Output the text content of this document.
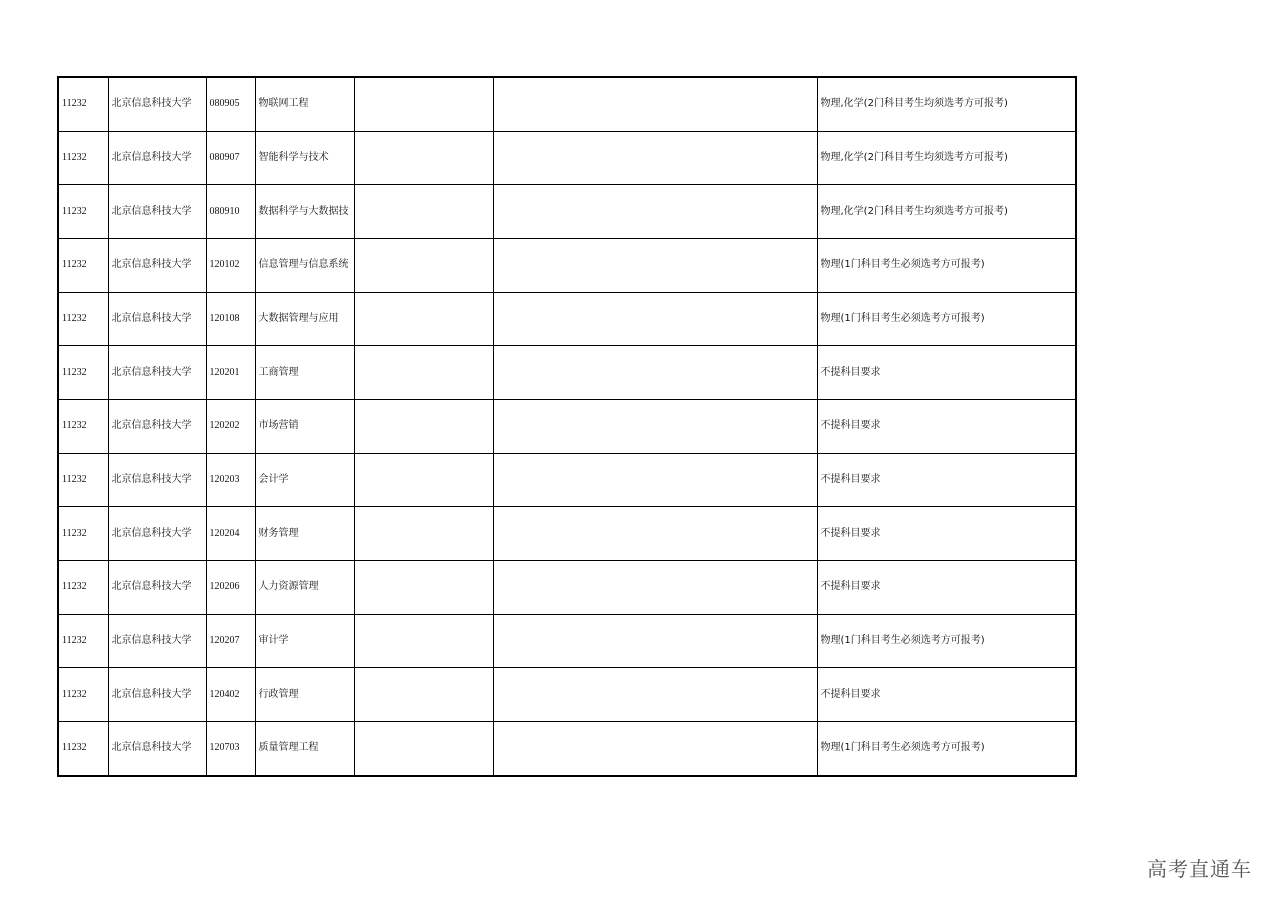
11232	北京信息科技大学	080905	物联网工程			物理,化学(2门科目考生均须选考方可报考)
11232	北京信息科技大学	080907	智能科学与技术			物理,化学(2门科目考生均须选考方可报考)
11232	北京信息科技大学	080910	数据科学与大数据技			物理,化学(2门科目考生均须选考方可报考)
11232	北京信息科技大学	120102	信息管理与信息系统			物理(1门科目考生必须选考方可报考)
11232	北京信息科技大学	120108	大数据管理与应用			物理(1门科目考生必须选考方可报考)
11232	北京信息科技大学	120201	工商管理			不提科目要求
11232	北京信息科技大学	120202	市场营销			不提科目要求
11232	北京信息科技大学	120203	会计学			不提科目要求
11232	北京信息科技大学	120204	财务管理			不提科目要求
11232	北京信息科技大学	120206	人力资源管理			不提科目要求
11232	北京信息科技大学	120207	审计学			物理(1门科目考生必须选考方可报考)
11232	北京信息科技大学	120402	行政管理			不提科目要求
11232	北京信息科技大学	120703	质量管理工程			物理(1门科目考生必须选考方可报考)
高考直通车
